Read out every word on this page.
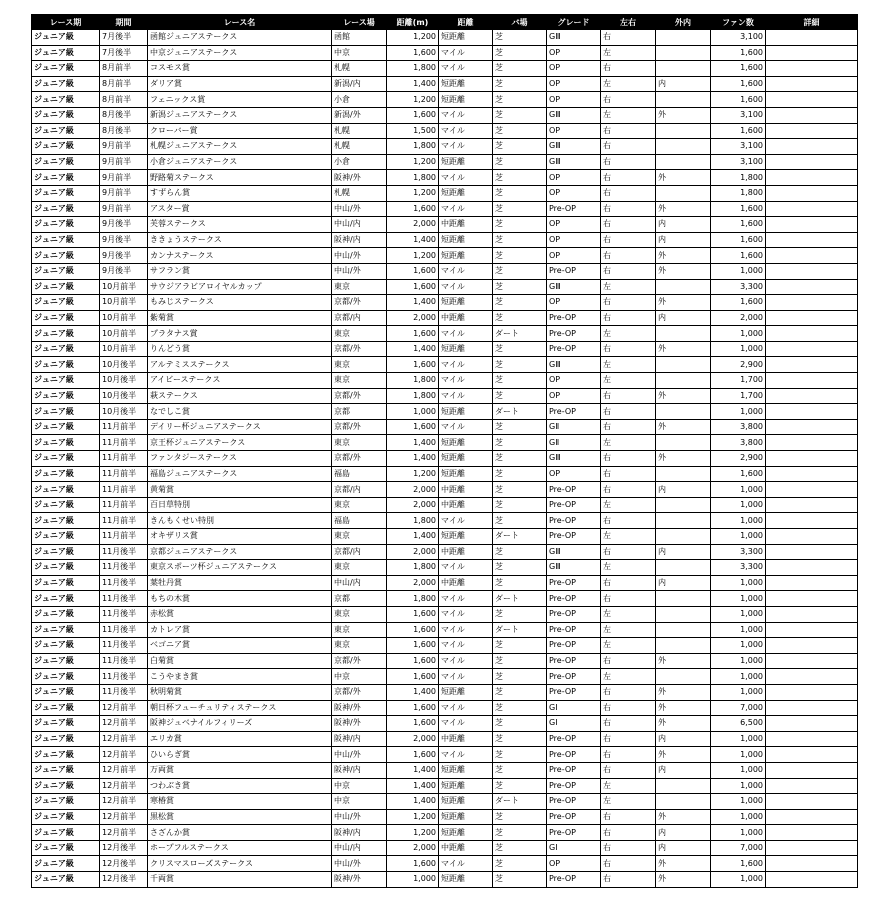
レース期	期間	レース名	レース場	距離(m)	距離	バ場	グレード	左右	外内	ファン数	詳細
ジュニア級	7月後半	函館ジュニアステークス	函館	1,200	短距離	芝	GⅢ	右		3,100	
ジュニア級	7月後半	中京ジュニアステークス	中京	1,600	マイル	芝	OP	左		1,600	
ジュニア級	8月前半	コスモス賞	札幌	1,800	マイル	芝	OP	右		1,600	
ジュニア級	8月前半	ダリア賞	新潟/内	1,400	短距離	芝	OP	左	内	1,600	
ジュニア級	8月前半	フェニックス賞	小倉	1,200	短距離	芝	OP	右		1,600	
ジュニア級	8月後半	新潟ジュニアステークス	新潟/外	1,600	マイル	芝	GⅢ	左	外	3,100	
ジュニア級	8月後半	クローバー賞	札幌	1,500	マイル	芝	OP	右		1,600	
ジュニア級	9月前半	札幌ジュニアステークス	札幌	1,800	マイル	芝	GⅢ	右		3,100	
ジュニア級	9月前半	小倉ジュニアステークス	小倉	1,200	短距離	芝	GⅢ	右		3,100	
ジュニア級	9月前半	野路菊ステークス	阪神/外	1,800	マイル	芝	OP	右	外	1,800	
ジュニア級	9月前半	すずらん賞	札幌	1,200	短距離	芝	OP	右		1,800	
ジュニア級	9月前半	アスター賞	中山/外	1,600	マイル	芝	Pre-OP	右	外	1,600	
ジュニア級	9月後半	芙蓉ステークス	中山/内	2,000	中距離	芝	OP	右	内	1,600	
ジュニア級	9月後半	ききょうステークス	阪神/内	1,400	短距離	芝	OP	右	内	1,600	
ジュニア級	9月後半	カンナステークス	中山/外	1,200	短距離	芝	OP	右	外	1,600	
ジュニア級	9月後半	サフラン賞	中山/外	1,600	マイル	芝	Pre-OP	右	外	1,000	
ジュニア級	10月前半	サウジアラビアロイヤルカップ	東京	1,600	マイル	芝	GⅢ	左		3,300	
ジュニア級	10月前半	もみじステークス	京都/外	1,400	短距離	芝	OP	右	外	1,600	
ジュニア級	10月前半	紫菊賞	京都/内	2,000	中距離	芝	Pre-OP	右	内	2,000	
ジュニア級	10月前半	プラタナス賞	東京	1,600	マイル	ダート	Pre-OP	左		1,000	
ジュニア級	10月前半	りんどう賞	京都/外	1,400	短距離	芝	Pre-OP	右	外	1,000	
ジュニア級	10月後半	アルテミスステークス	東京	1,600	マイル	芝	GⅢ	左		2,900	
ジュニア級	10月後半	アイビーステークス	東京	1,800	マイル	芝	OP	左		1,700	
ジュニア級	10月後半	萩ステークス	京都/外	1,800	マイル	芝	OP	右	外	1,700	
ジュニア級	10月後半	なでしこ賞	京都	1,000	短距離	ダート	Pre-OP	右		1,000	
ジュニア級	11月前半	デイリー杯ジュニアステークス	京都/外	1,600	マイル	芝	GⅡ	右	外	3,800	
ジュニア級	11月前半	京王杯ジュニアステークス	東京	1,400	短距離	芝	GⅡ	左		3,800	
ジュニア級	11月前半	ファンタジーステークス	京都/外	1,400	短距離	芝	GⅢ	右	外	2,900	
ジュニア級	11月前半	福島ジュニアステークス	福島	1,200	短距離	芝	OP	右		1,600	
ジュニア級	11月前半	黄菊賞	京都/内	2,000	中距離	芝	Pre-OP	右	内	1,000	
ジュニア級	11月前半	百日草特別	東京	2,000	中距離	芝	Pre-OP	左		1,000	
ジュニア級	11月前半	きんもくせい特別	福島	1,800	マイル	芝	Pre-OP	右		1,000	
ジュニア級	11月前半	オキザリス賞	東京	1,400	短距離	ダート	Pre-OP	左		1,000	
ジュニア級	11月後半	京都ジュニアステークス	京都/内	2,000	中距離	芝	GⅢ	右	内	3,300	
ジュニア級	11月後半	東京スポーツ杯ジュニアステークス	東京	1,800	マイル	芝	GⅢ	左		3,300	
ジュニア級	11月後半	葉牡丹賞	中山/内	2,000	中距離	芝	Pre-OP	右	内	1,000	
ジュニア級	11月後半	もちの木賞	京都	1,800	マイル	ダート	Pre-OP	右		1,000	
ジュニア級	11月後半	赤松賞	東京	1,600	マイル	芝	Pre-OP	左		1,000	
ジュニア級	11月後半	カトレア賞	東京	1,600	マイル	ダート	Pre-OP	左		1,000	
ジュニア級	11月後半	ベゴニア賞	東京	1,600	マイル	芝	Pre-OP	左		1,000	
ジュニア級	11月後半	白菊賞	京都/外	1,600	マイル	芝	Pre-OP	右	外	1,000	
ジュニア級	11月後半	こうやまき賞	中京	1,600	マイル	芝	Pre-OP	左		1,000	
ジュニア級	11月後半	秋明菊賞	京都/外	1,400	短距離	芝	Pre-OP	右	外	1,000	
ジュニア級	12月前半	朝日杯フューチュリティステークス	阪神/外	1,600	マイル	芝	GⅠ	右	外	7,000	
ジュニア級	12月前半	阪神ジュベナイルフィリーズ	阪神/外	1,600	マイル	芝	GⅠ	右	外	6,500	
ジュニア級	12月前半	エリカ賞	阪神/内	2,000	中距離	芝	Pre-OP	右	内	1,000	
ジュニア級	12月前半	ひいらぎ賞	中山/外	1,600	マイル	芝	Pre-OP	右	外	1,000	
ジュニア級	12月前半	万両賞	阪神/内	1,400	短距離	芝	Pre-OP	右	内	1,000	
ジュニア級	12月前半	つわぶき賞	中京	1,400	短距離	芝	Pre-OP	左		1,000	
ジュニア級	12月前半	寒椿賞	中京	1,400	短距離	ダート	Pre-OP	左		1,000	
ジュニア級	12月前半	黒松賞	中山/外	1,200	短距離	芝	Pre-OP	右	外	1,000	
ジュニア級	12月前半	さざんか賞	阪神/内	1,200	短距離	芝	Pre-OP	右	内	1,000	
ジュニア級	12月後半	ホープフルステークス	中山/内	2,000	中距離	芝	GⅠ	右	内	7,000	
ジュニア級	12月後半	クリスマスローズステークス	中山/外	1,600	マイル	芝	OP	右	外	1,600	
ジュニア級	12月後半	千両賞	阪神/外	1,000	短距離	芝	Pre-OP	右	外	1,000	
